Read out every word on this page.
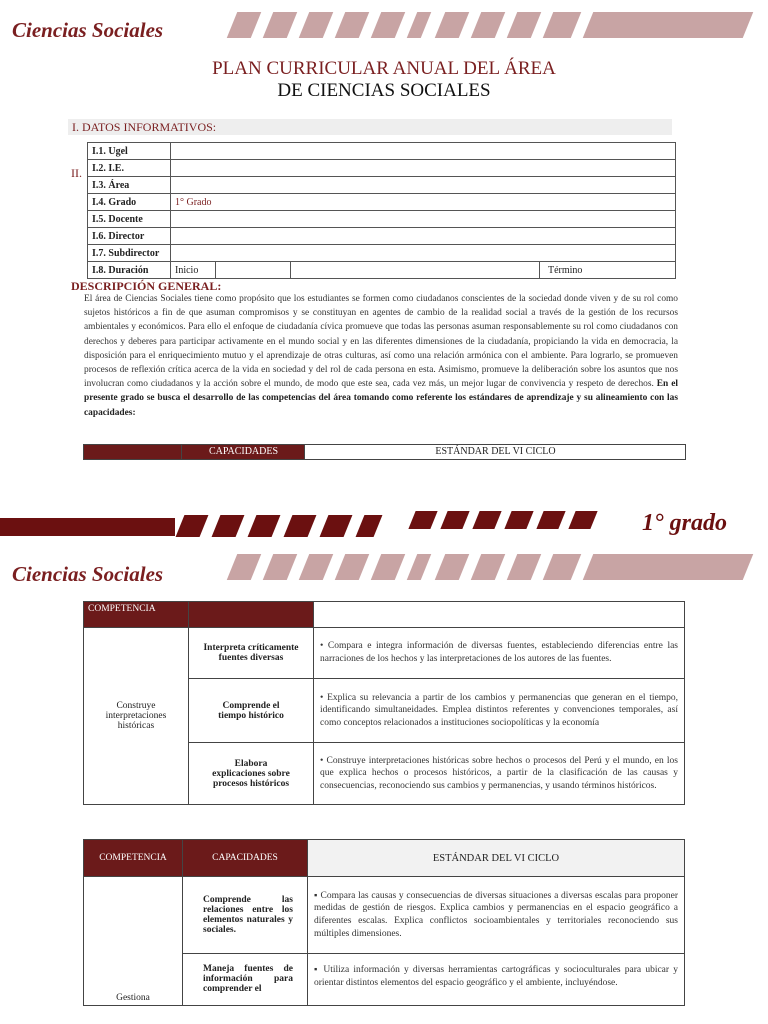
Ciencias Sociales
PLAN CURRICULAR ANUAL DEL ÁREA
DE CIENCIAS SOCIALES
I. DATOS INFORMATIVOS:
II.
I.1. Ugel				
I.2. I.E.				
I.3. Área				
I.4. Grado	1° Grado			
I.5. Docente				
I.6. Director				
I.7. Subdirector				
I.8. Duración	Inicio			Término
DESCRIPCIÓN GENERAL:
El área de Ciencias Sociales tiene como propósito que los estudiantes se formen como ciudadanos conscientes de la sociedad donde viven y de su rol como sujetos históricos a fin de que asuman compromisos y se constituyan en agentes de cambio de la realidad social a través de la gestión de los recursos ambientales y económicos. Para ello el enfoque de ciudadanía cívica promueve que todas las personas asuman responsablemente su rol como ciudadanos con derechos y deberes para participar activamente en el mundo social y en las diferentes dimensiones de la ciudadanía, propiciando la vida en democracia, la disposición para el enriquecimiento mutuo y el aprendizaje de otras culturas, así como una relación armónica con el ambiente. Para lograrlo, se promueven procesos de reflexión crítica acerca de la vida en sociedad y del rol de cada persona en esta. Asimismo, promueve la deliberación sobre los asuntos que nos involucran como ciudadanos y la acción sobre el mundo, de modo que este sea, cada vez más, un mejor lugar de convivencia y respeto de derechos. En el presente grado se busca el desarrollo de las competencias del área tomando como referente los estándares de aprendizaje y su alineamiento con las capacidades:
CAPACIDADES	ESTÁNDAR DEL VI CICLO
1° grado
Ciencias Sociales
COMPETENCIA		
Construye interpretaciones históricas	Interpreta críticamente fuentes diversas	• Compara e integra información de diversas fuentes, estableciendo diferencias entre las narraciones de los hechos y las interpretaciones de los autores de las fuentes.
	Comprende el tiempo histórico	• Explica su relevancia a partir de los cambios y permanencias que generan en el tiempo, identificando simultaneidades. Emplea distintos referentes y convenciones temporales, así como conceptos relacionados a instituciones sociopolíticas y la economía
	Elabora explicaciones sobre procesos históricos	• Construye interpretaciones históricas sobre hechos o procesos del Perú y el mundo, en los que explica hechos o procesos históricos, a partir de la clasificación de las causas y consecuencias, reconociendo sus cambios y permanencias, y usando términos históricos.
COMPETENCIA	CAPACIDADES	ESTÁNDAR DEL VI CICLO
Gestiona	Comprende las relaciones entre los elementos naturales y sociales.	▪ Compara las causas y consecuencias de diversas situaciones a diversas escalas para proponer medidas de gestión de riesgos. Explica cambios y permanencias en el espacio geográfico a diferentes escalas. Explica conflictos socioambientales y territoriales reconociendo sus múltiples dimensiones.
	Maneja fuentes de información para comprender el	▪ Utiliza información y diversas herramientas cartográficas y socioculturales para ubicar y orientar distintos elementos del espacio geográfico y el ambiente, incluyéndose.
